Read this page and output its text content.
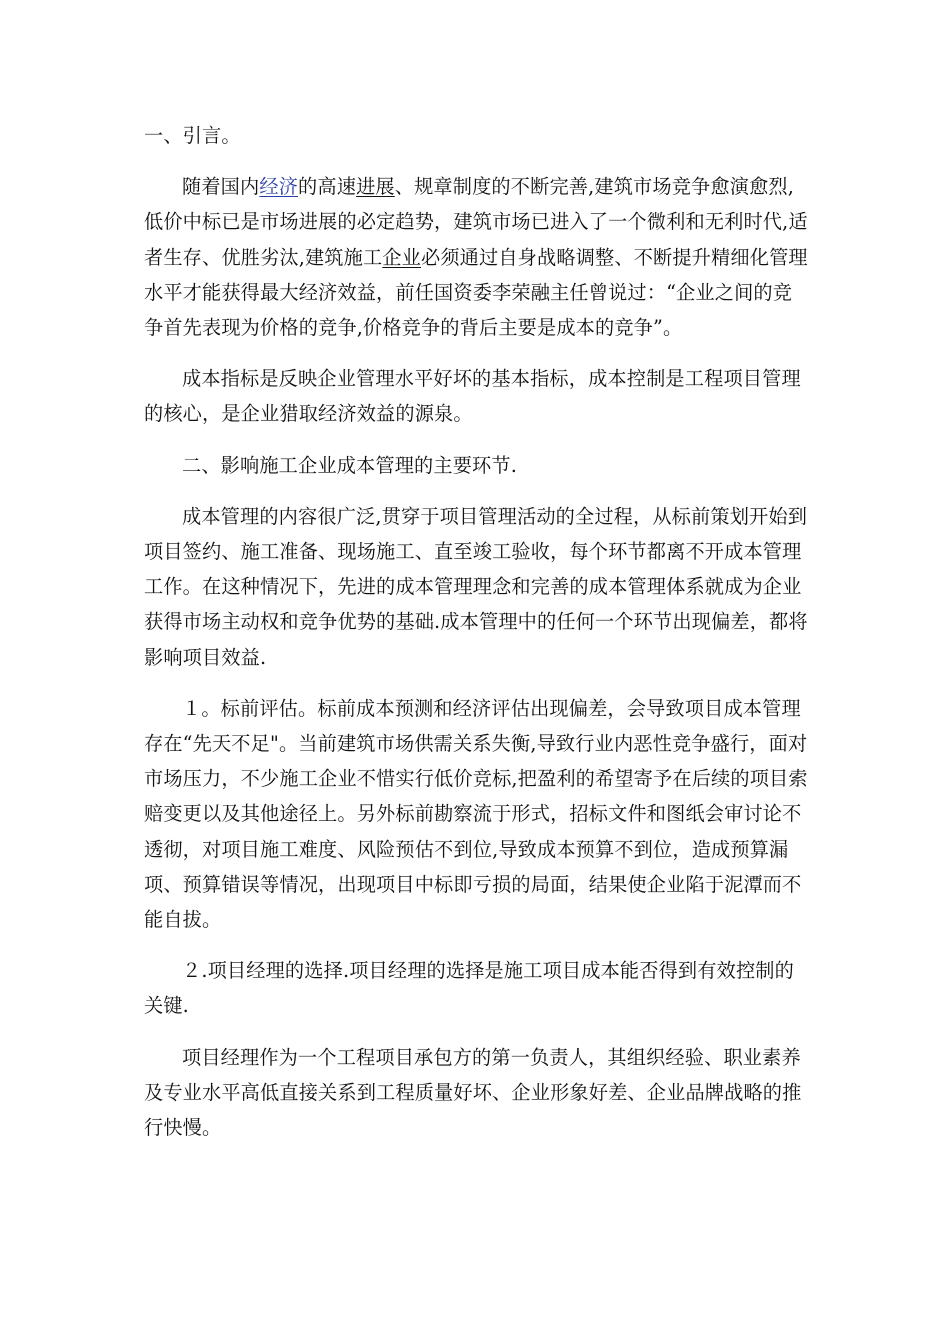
一、引言。

随着国内经济的高速进展、规章制度的不断完善,建筑市场竞争愈演愈烈,低价中标已是市场进展的必定趋势，建筑市场已进入了一个微利和无利时代,适者生存、优胜劣汰,建筑施工企业必须通过自身战略调整、不断提升精细化管理水平才能获得最大经济效益，前任国资委李荣融主任曾说过：“企业之间的竞争首先表现为价格的竞争,价格竞争的背后主要是成本的竞争”。

成本指标是反映企业管理水平好坏的基本指标，成本控制是工程项目管理的核心，是企业猎取经济效益的源泉。

二、影响施工企业成本管理的主要环节.

成本管理的内容很广泛,贯穿于项目管理活动的全过程，从标前策划开始到项目签约、施工准备、现场施工、直至竣工验收，每个环节都离不开成本管理工作。在这种情况下，先进的成本管理理念和完善的成本管理体系就成为企业获得市场主动权和竞争优势的基础.成本管理中的任何一个环节出现偏差，都将影响项目效益.

１。标前评估。标前成本预测和经济评估出现偏差，会导致项目成本管理存在“先天不足"。当前建筑市场供需关系失衡,导致行业内恶性竞争盛行，面对市场压力，不少施工企业不惜实行低价竞标,把盈利的希望寄予在后续的项目索赔变更以及其他途径上。另外标前勘察流于形式，招标文件和图纸会审讨论不透彻，对项目施工难度、风险预估不到位,导致成本预算不到位，造成预算漏项、预算错误等情况，出现项目中标即亏损的局面，结果使企业陷于泥潭而不能自拔。

２.项目经理的选择.项目经理的选择是施工项目成本能否得到有效控制的关键.

项目经理作为一个工程项目承包方的第一负责人，其组织经验、职业素养及专业水平高低直接关系到工程质量好坏、企业形象好差、企业品牌战略的推行快慢。
